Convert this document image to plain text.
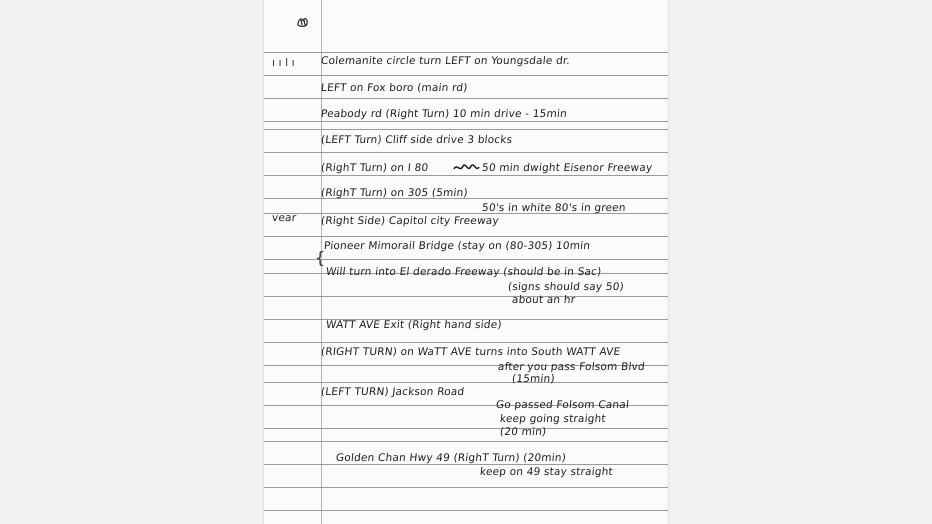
ı ı l ı
vear
{
Colemanite circle turn LEFT on Youngsdale dr.
LEFT on Fox boro (main rd)
Peabody rd (Right Turn) 10 min drive - 15min
(LEFT Turn) Cliff side drive 3 blocks
(RighT Turn) on I 80	50 min dwight Eisenor Freeway
(RighT Turn) on 305 (5min)
50's in white 80's in green
(Right Side) Capitol city Freeway
Pioneer Mimorail Bridge (stay on (80-305) 10min
Will turn into El derado Freeway (should be in Sac)
(signs should say 50)
about an hr
WATT AVE Exit (Right hand side)
(RIGHT TURN) on WaTT AVE turns into South WATT AVE
after you pass Folsom Blvd
(15min)
(LEFT TURN) Jackson Road
Go passed Folsom Canal
keep going straight
(20 min)
Golden Chan Hwy 49 (RighT Turn) (20min)
keep on 49 stay straight
